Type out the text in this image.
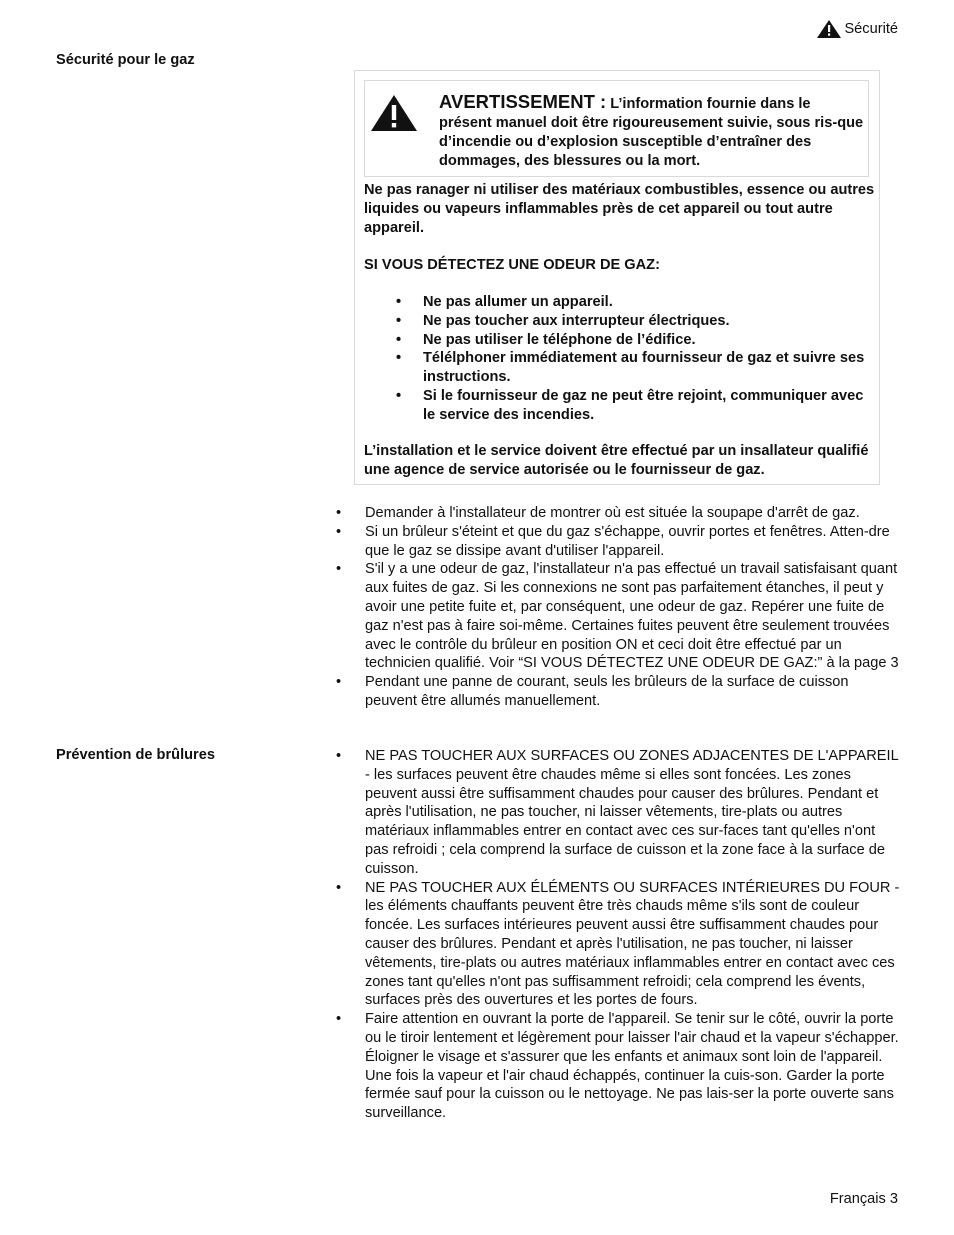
Sécurité
Sécurité pour le gaz
AVERTISSEMENT : L’information fournie dans le présent manuel doit être rigoureusement suivie, sous ris-que d’incendie ou d’explosion susceptible d’entraîner des dommages, des blessures ou la mort.
Ne pas ranager ni utiliser des matériaux combustibles, essence ou autres liquides ou vapeurs inflammables près de cet appareil ou tout autre appareil.
SI VOUS DÉTECTEZ UNE ODEUR DE GAZ:
• Ne pas allumer un appareil.
• Ne pas toucher aux interrupteur électriques.
• Ne pas utiliser le téléphone de l’édifice.
• Télélphoner immédiatement au fournisseur de gaz et suivre ses instructions.
• Si le fournisseur de gaz ne peut être rejoint, communiquer avec le service des incendies.
L’installation et le service doivent être effectué par un insallateur qualifié une agence de service autorisée ou le fournisseur de gaz.
• Demander à l'installateur de montrer où est située la soupape d'arrêt de gaz.
• Si un brûleur s'éteint et que du gaz s'échappe, ouvrir portes et fenêtres. Atten-dre que le gaz se dissipe avant d'utiliser l'appareil.
• S'il y a une odeur de gaz, l'installateur n'a pas effectué un travail satisfaisant quant aux fuites de gaz. Si les connexions ne sont pas parfaitement étanches, il peut y avoir une petite fuite et, par conséquent, une odeur de gaz. Repérer une fuite de gaz n'est pas à faire soi-même. Certaines fuites peuvent être seulement trouvées avec le contrôle du brûleur en position ON et ceci doit être effectué par un technicien qualifié. Voir “SI VOUS DÉTECTEZ UNE ODEUR DE GAZ:” à la page 3
• Pendant une panne de courant, seuls les brûleurs de la surface de cuisson peuvent être allumés manuellement.
Prévention de brûlures	• NE PAS TOUCHER AUX SURFACES OU ZONES ADJACENTES DE L'APPAREIL - les surfaces peuvent être chaudes même si elles sont foncées. Les zones peuvent aussi être suffisamment chaudes pour causer des brûlures. Pendant et après l'utilisation, ne pas toucher, ni laisser vêtements, tire-plats ou autres matériaux inflammables entrer en contact avec ces sur-faces tant qu'elles n'ont pas refroidi ; cela comprend la surface de cuisson et la zone face à la surface de cuisson.
• NE PAS TOUCHER AUX ÉLÉMENTS OU SURFACES INTÉRIEURES DU FOUR - les éléments chauffants peuvent être très chauds même s'ils sont de couleur foncée. Les surfaces intérieures peuvent aussi être suffisamment chaudes pour causer des brûlures. Pendant et après l'utilisation, ne pas toucher, ni laisser vêtements, tire-plats ou autres matériaux inflammables entrer en contact avec ces zones tant qu'elles n'ont pas suffisamment refroidi; cela comprend les évents, surfaces près des ouvertures et les portes de fours.
• Faire attention en ouvrant la porte de l'appareil. Se tenir sur le côté, ouvrir la porte ou le tiroir lentement et légèrement pour laisser l'air chaud et la vapeur s'échapper. Éloigner le visage et s'assurer que les enfants et animaux sont loin de l'appareil. Une fois la vapeur et l'air chaud échappés, continuer la cuis-son. Garder la porte fermée sauf pour la cuisson ou le nettoyage. Ne pas lais-ser la porte ouverte sans surveillance.
Français 3
